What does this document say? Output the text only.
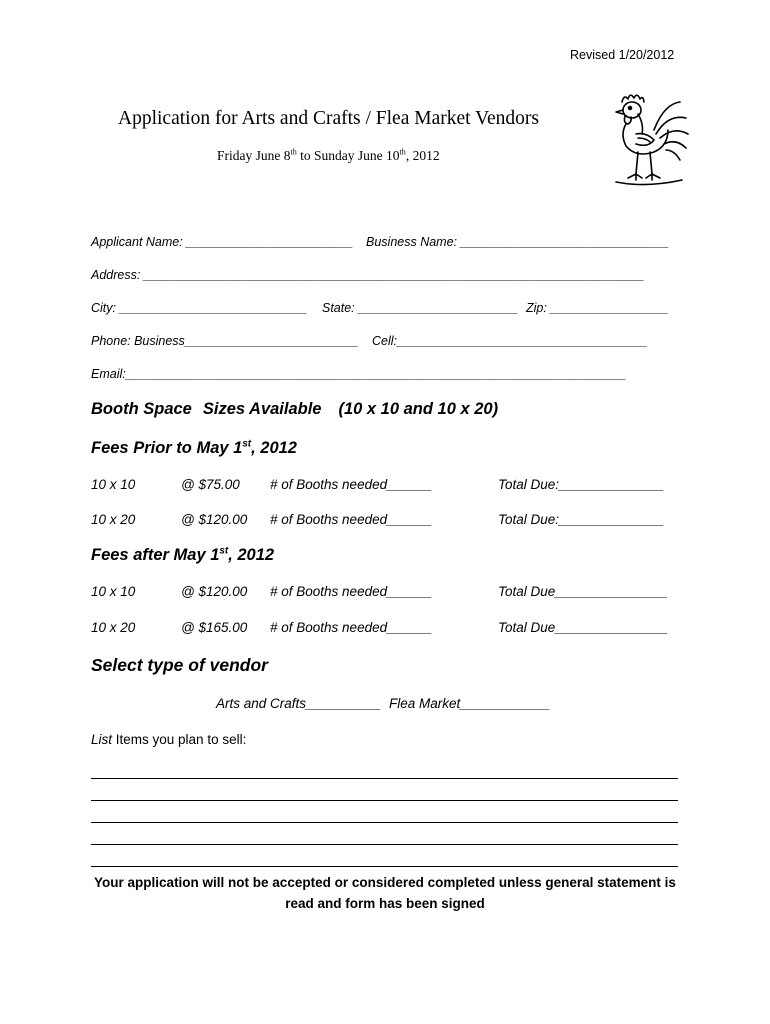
Revised 1/20/2012
Application for Arts and Crafts / Flea Market Vendors
Friday June 8th to Sunday June 10th, 2012
Applicant Name: ________________________ Business Name: ______________________________
Address: ________________________________________________________________________
City: ___________________________ State: _______________________ Zip: _________________
Phone: Business_________________________ Cell:____________________________________
Email:________________________________________________________________________
Booth Space Sizes Available (10 x 10 and 10 x 20)
Fees Prior to May 1st, 2012
10 x 10	@ $75.00 # of Booths needed______	Total Due:______________
10 x 20	@ $120.00 # of Booths needed______	Total Due:______________
Fees after May 1st, 2012
10 x 10	@ $120.00 # of Booths needed______	Total Due_______________
10 x 20	@ $165.00 # of Booths needed______	Total Due_______________
Select type of vendor
Arts and Crafts__________ Flea Market____________
List Items you plan to sell:
Your application will not be accepted or considered completed unless general statement is
read and form has been signed
